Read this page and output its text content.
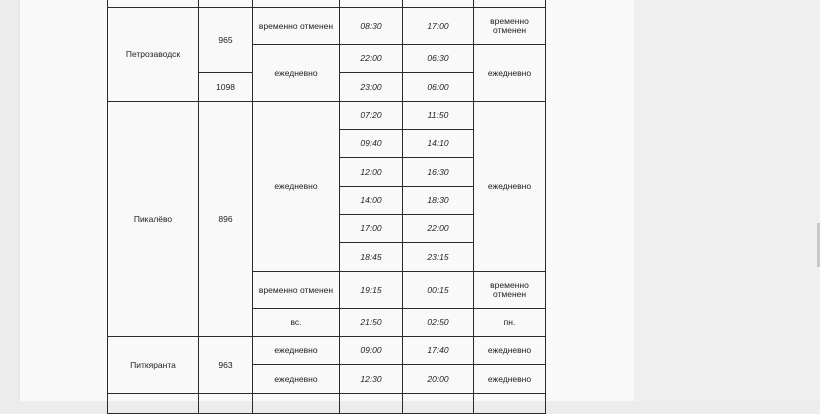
Петрозаводск	965	временно отменен	08:30	17:00	временно отменен
		ежедневно	22:00	06:30	ежедневно
	1098		23:00	06:00	
Пикалёво	896	ежедневно	07:20	11:50	ежедневно
			09:40	14:10	
			12:00	16:30	
			14:00	18:30	
			17:00	22:00	
			18:45	23:15	
		временно отменен	19:15	00:15	временно отменен
		вс.	21:50	02:50	пн.
Питкяранта	963	ежедневно	09:00	17:40	ежедневно
		ежедневно	12:30	20:00	ежедневно
